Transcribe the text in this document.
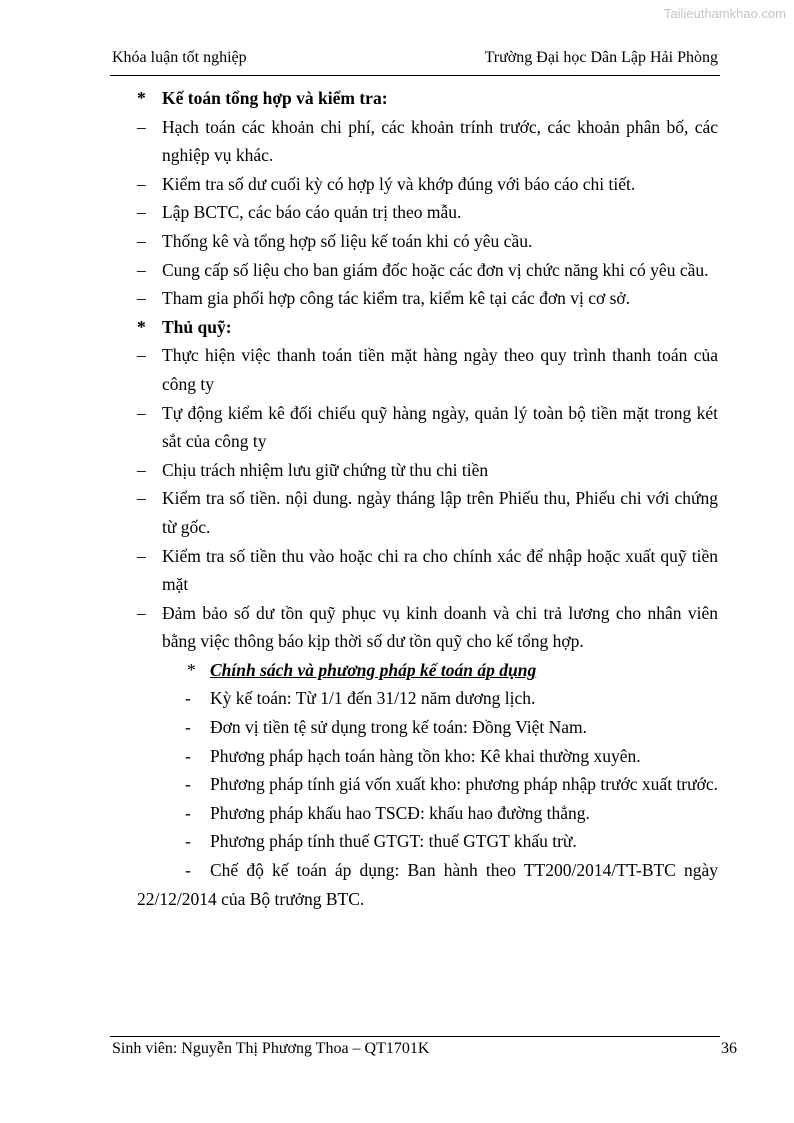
Tailieuthamkhao.com
Khóa luận tốt nghiệp	Trường Đại học Dân Lập Hải Phòng

* Kế toán tổng hợp và kiểm tra:

– Hạch toán các khoản chi phí, các khoản trính trước, các khoản phân bố, các nghiệp vụ khác.

– Kiểm tra số dư cuối kỳ có hợp lý và khớp đúng với báo cáo chi tiết.

– Lập BCTC, các báo cáo quản trị theo mẫu.

– Thống kê và tổng hợp số liệu kế toán khi có yêu cầu.

– Cung cấp số liệu cho ban giám đốc hoặc các đơn vị chức năng khi có yêu cầu.

– Tham gia phối hợp công tác kiểm tra, kiểm kê tại các đơn vị cơ sở.

* Thủ quỹ:

– Thực hiện việc thanh toán tiền mặt hàng ngày theo quy trình thanh toán của công ty

– Tự động kiểm kê đối chiếu quỹ hàng ngày, quản lý toàn bộ tiền mặt trong két sắt của công ty

– Chịu trách nhiệm lưu giữ chứng từ thu chi tiền

– Kiểm tra số tiền. nội dung. ngày tháng lập trên Phiếu thu, Phiếu chi với chứng từ gốc.

– Kiểm tra số tiền thu vào hoặc chi ra cho chính xác để nhập hoặc xuất quỹ tiền mặt

– Đảm bảo số dư tồn quỹ phục vụ kinh doanh và chi trả lương cho nhân viên bằng việc thông báo kịp thời số dư tồn quỹ cho kế tổng hợp.

* Chính sách và phương pháp kế toán áp dụng

- Kỳ kế toán: Từ 1/1 đến 31/12 năm dương lịch.

- Đơn vị tiền tệ sử dụng trong kế toán: Đồng Việt Nam.

- Phương pháp hạch toán hàng tồn kho: Kê khai thường xuyên.

- Phương pháp tính giá vốn xuất kho: phương pháp nhập trước xuất trước.

- Phương pháp khấu hao TSCĐ: khấu hao đường thẳng.

- Phương pháp tính thuế GTGT: thuế GTGT khấu trừ.

- Chế độ kế toán áp dụng: Ban hành theo TT200/2014/TT-BTC ngày 22/12/2014 của Bộ trưởng BTC.

Sinh viên: Nguyễn Thị Phương Thoa – QT1701K	36
